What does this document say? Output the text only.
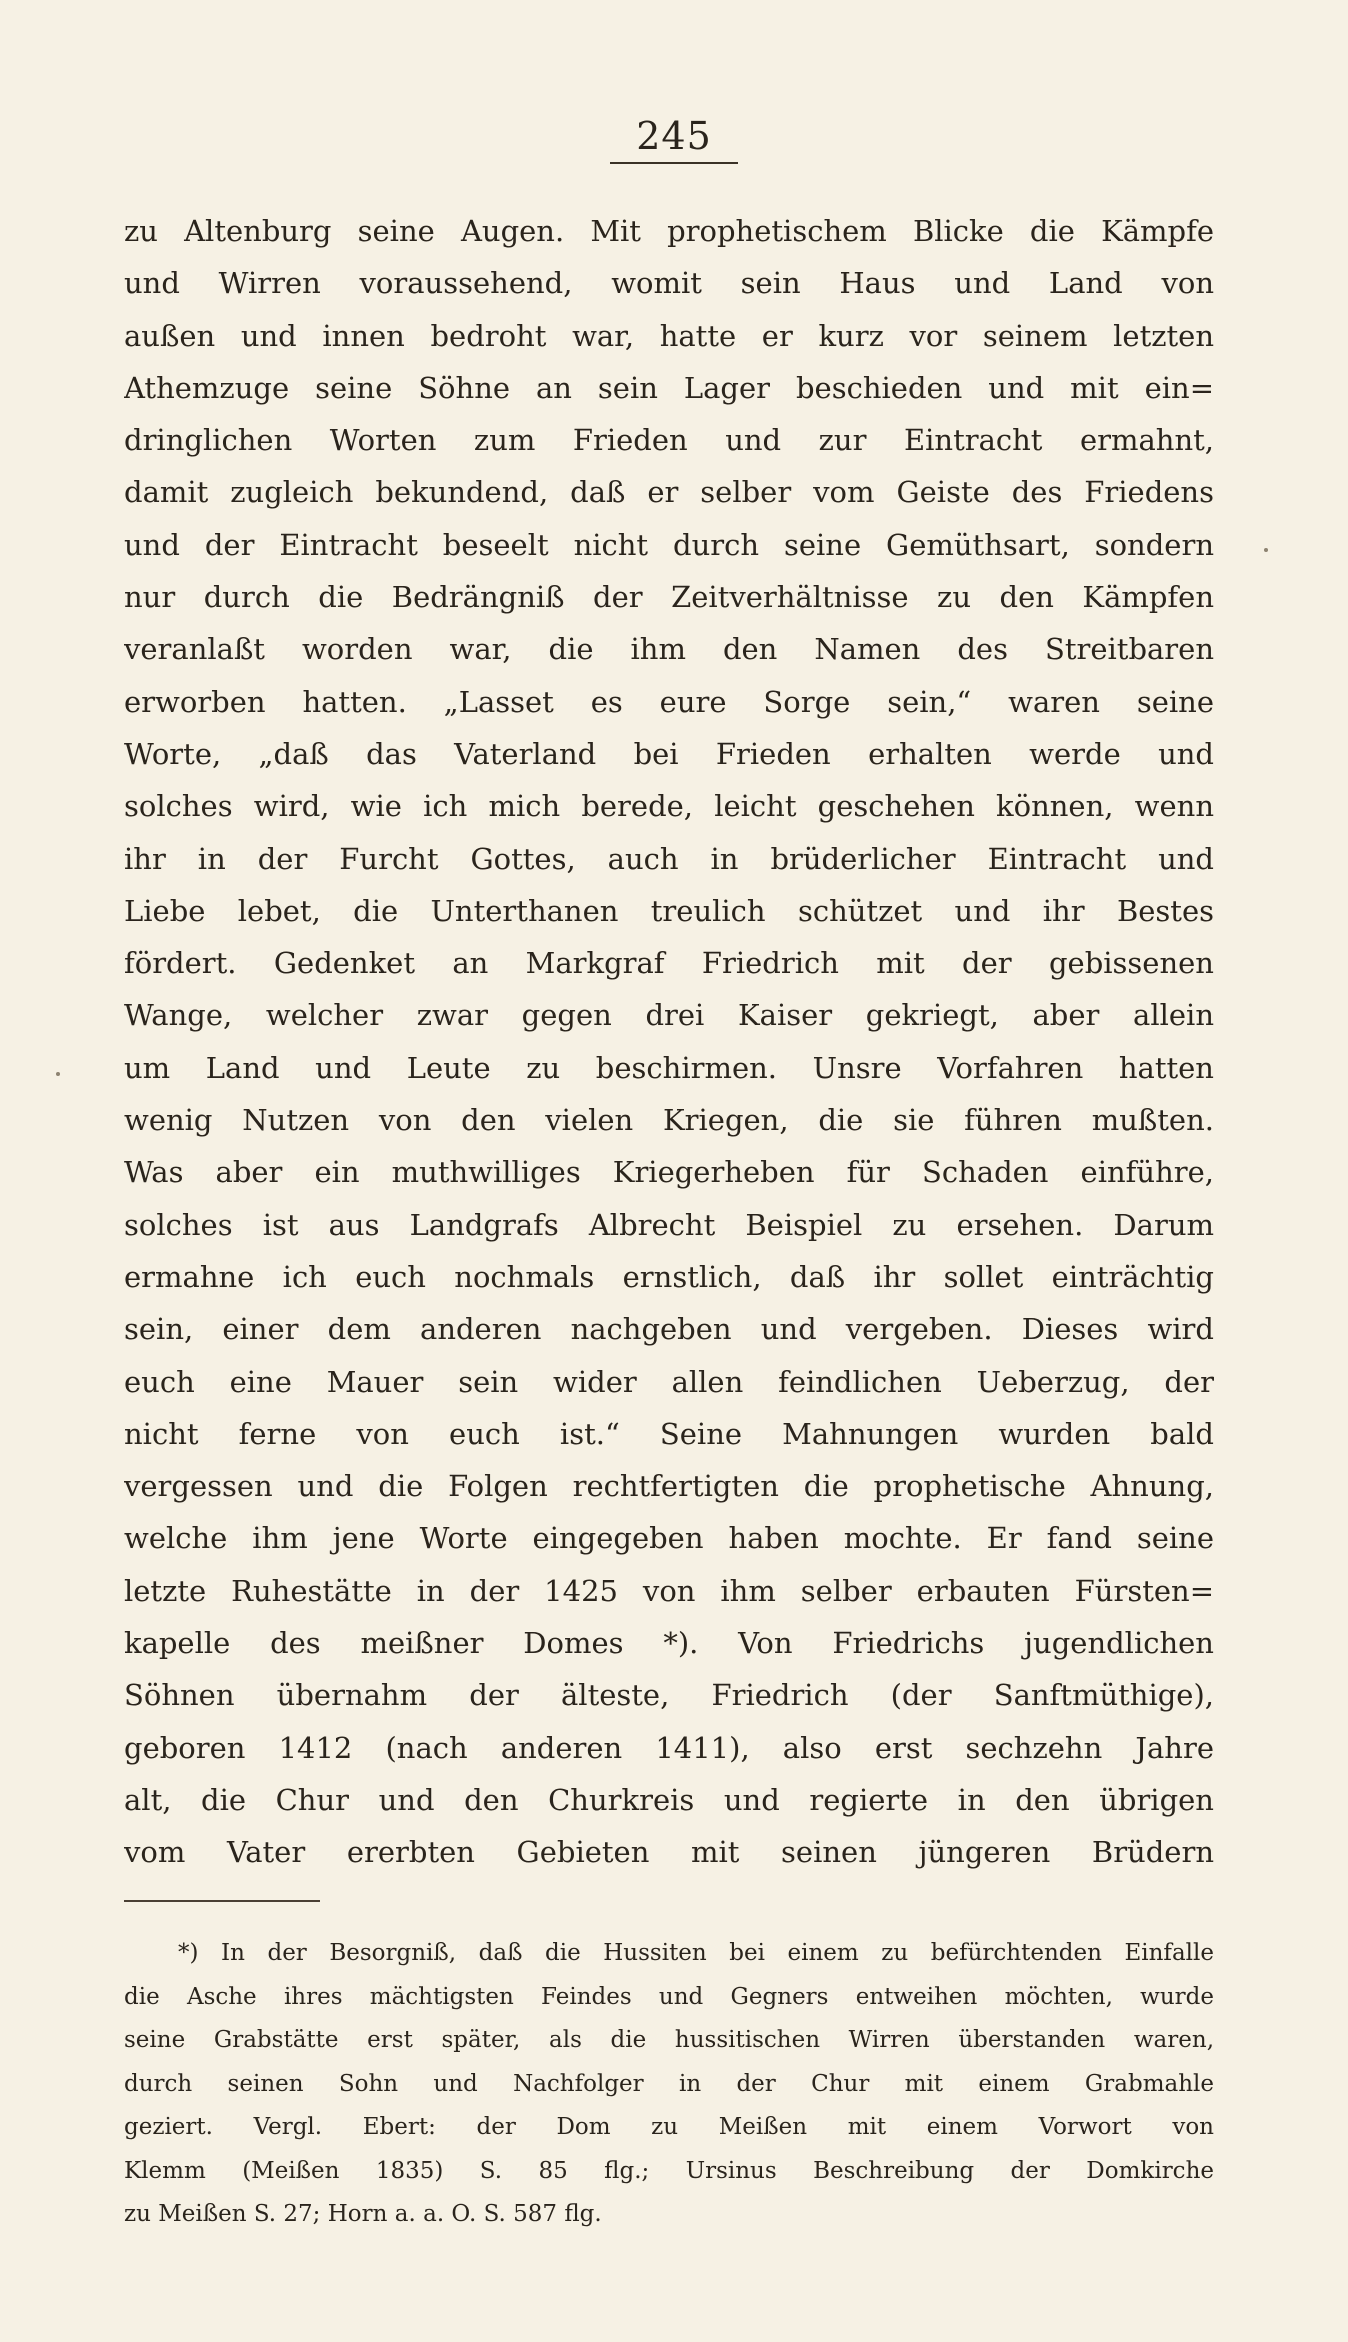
245
zu Altenburg seine Augen. Mit prophetischem Blicke die Kämpfe
und Wirren voraussehend, womit sein Haus und Land von
außen und innen bedroht war, hatte er kurz vor seinem letzten
Athemzuge seine Söhne an sein Lager beschieden und mit ein=
dringlichen Worten zum Frieden und zur Eintracht ermahnt,
damit zugleich bekundend, daß er selber vom Geiste des Friedens
und der Eintracht beseelt nicht durch seine Gemüthsart, sondern
nur durch die Bedrängniß der Zeitverhältnisse zu den Kämpfen
veranlaßt worden war, die ihm den Namen des Streitbaren
erworben hatten. „Lasset es eure Sorge sein,“ waren seine
Worte, „daß das Vaterland bei Frieden erhalten werde und
solches wird, wie ich mich berede, leicht geschehen können, wenn
ihr in der Furcht Gottes, auch in brüderlicher Eintracht und
Liebe lebet, die Unterthanen treulich schützet und ihr Bestes
fördert. Gedenket an Markgraf Friedrich mit der gebissenen
Wange, welcher zwar gegen drei Kaiser gekriegt, aber allein
um Land und Leute zu beschirmen. Unsre Vorfahren hatten
wenig Nutzen von den vielen Kriegen, die sie führen mußten.
Was aber ein muthwilliges Kriegerheben für Schaden einführe,
solches ist aus Landgrafs Albrecht Beispiel zu ersehen. Darum
ermahne ich euch nochmals ernstlich, daß ihr sollet einträchtig
sein, einer dem anderen nachgeben und vergeben. Dieses wird
euch eine Mauer sein wider allen feindlichen Ueberzug, der
nicht ferne von euch ist.“ Seine Mahnungen wurden bald
vergessen und die Folgen rechtfertigten die prophetische Ahnung,
welche ihm jene Worte eingegeben haben mochte. Er fand seine
letzte Ruhestätte in der 1425 von ihm selber erbauten Fürsten=
kapelle des meißner Domes *). Von Friedrichs jugendlichen
Söhnen übernahm der älteste, Friedrich (der Sanftmüthige),
geboren 1412 (nach anderen 1411), also erst sechzehn Jahre
alt, die Chur und den Churkreis und regierte in den übrigen
vom Vater ererbten Gebieten mit seinen jüngeren Brüdern
*) In der Besorgniß, daß die Hussiten bei einem zu befürchtenden Einfalle
die Asche ihres mächtigsten Feindes und Gegners entweihen möchten, wurde
seine Grabstätte erst später, als die hussitischen Wirren überstanden waren,
durch seinen Sohn und Nachfolger in der Chur mit einem Grabmahle
geziert. Vergl. Ebert: der Dom zu Meißen mit einem Vorwort von
Klemm (Meißen 1835) S. 85 flg.; Ursinus Beschreibung der Domkirche
zu Meißen S. 27; Horn a. a. O. S. 587 flg.
